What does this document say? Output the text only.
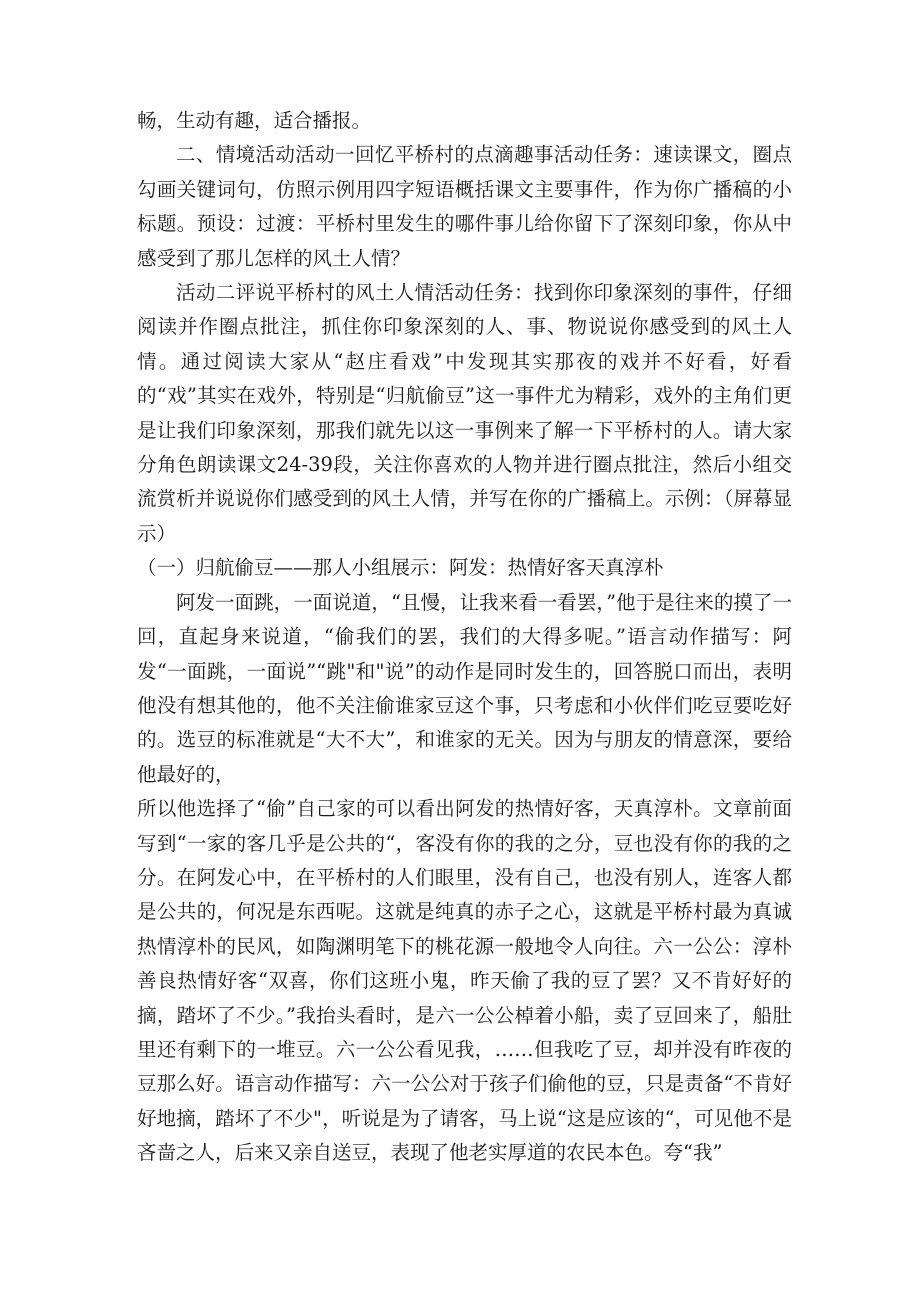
畅，生动有趣，适合播报。

二、情境活动活动一回忆平桥村的点滴趣事活动任务：速读课文，圈点勾画关键词句，仿照示例用四字短语概括课文主要事件，作为你广播稿的小标题。预设：过渡：平桥村里发生的哪件事儿给你留下了深刻印象，你从中感受到了那儿怎样的风土人情？

活动二评说平桥村的风土人情活动任务：找到你印象深刻的事件，仔细阅读并作圈点批注，抓住你印象深刻的人、事、物说说你感受到的风土人情。通过阅读大家从“赵庄看戏”中发现其实那夜的戏并不好看，好看的“戏”其实在戏外，特别是“归航偷豆”这一事件尤为精彩，戏外的主角们更是让我们印象深刻，那我们就先以这一事例来了解一下平桥村的人。请大家分角色朗读课文24-39段，关注你喜欢的人物并进行圈点批注，然后小组交流赏析并说说你们感受到的风土人情，并写在你的广播稿上。示例：（屏幕显示）

（一）归航偷豆——那人小组展示：阿发：热情好客天真淳朴

阿发一面跳，一面说道，“且慢，让我来看一看罢，”他于是往来的摸了一回，直起身来说道，“偷我们的罢，我们的大得多呢。”语言动作描写：阿发“一面跳，一面说”“跳"和"说”的动作是同时发生的，回答脱口而出，表明他没有想其他的，他不关注偷谁家豆这个事，只考虑和小伙伴们吃豆要吃好的。选豆的标准就是“大不大”，和谁家的无关。因为与朋友的情意深，要给他最好的，

所以他选择了“偷”自己家的可以看出阿发的热情好客，天真淳朴。文章前面写到“一家的客几乎是公共的“，客没有你的我的之分，豆也没有你的我的之分。在阿发心中，在平桥村的人们眼里，没有自己，也没有别人，连客人都是公共的，何况是东西呢。这就是纯真的赤子之心，这就是平桥村最为真诚热情淳朴的民风，如陶渊明笔下的桃花源一般地令人向往。六一公公：淳朴善良热情好客“双喜，你们这班小鬼，昨天偷了我的豆了罢？又不肯好好的摘，踏坏了不少。”我抬头看时，是六一公公棹着小船，卖了豆回来了，船肚里还有剩下的一堆豆。六一公公看见我，……但我吃了豆，却并没有昨夜的豆那么好。语言动作描写：六一公公对于孩子们偷他的豆，只是责备“不肯好好地摘，踏坏了不少"，听说是为了请客，马上说“这是应该的“，可见他不是吝啬之人，后来又亲自送豆，表现了他老实厚道的农民本色。夸“我”
